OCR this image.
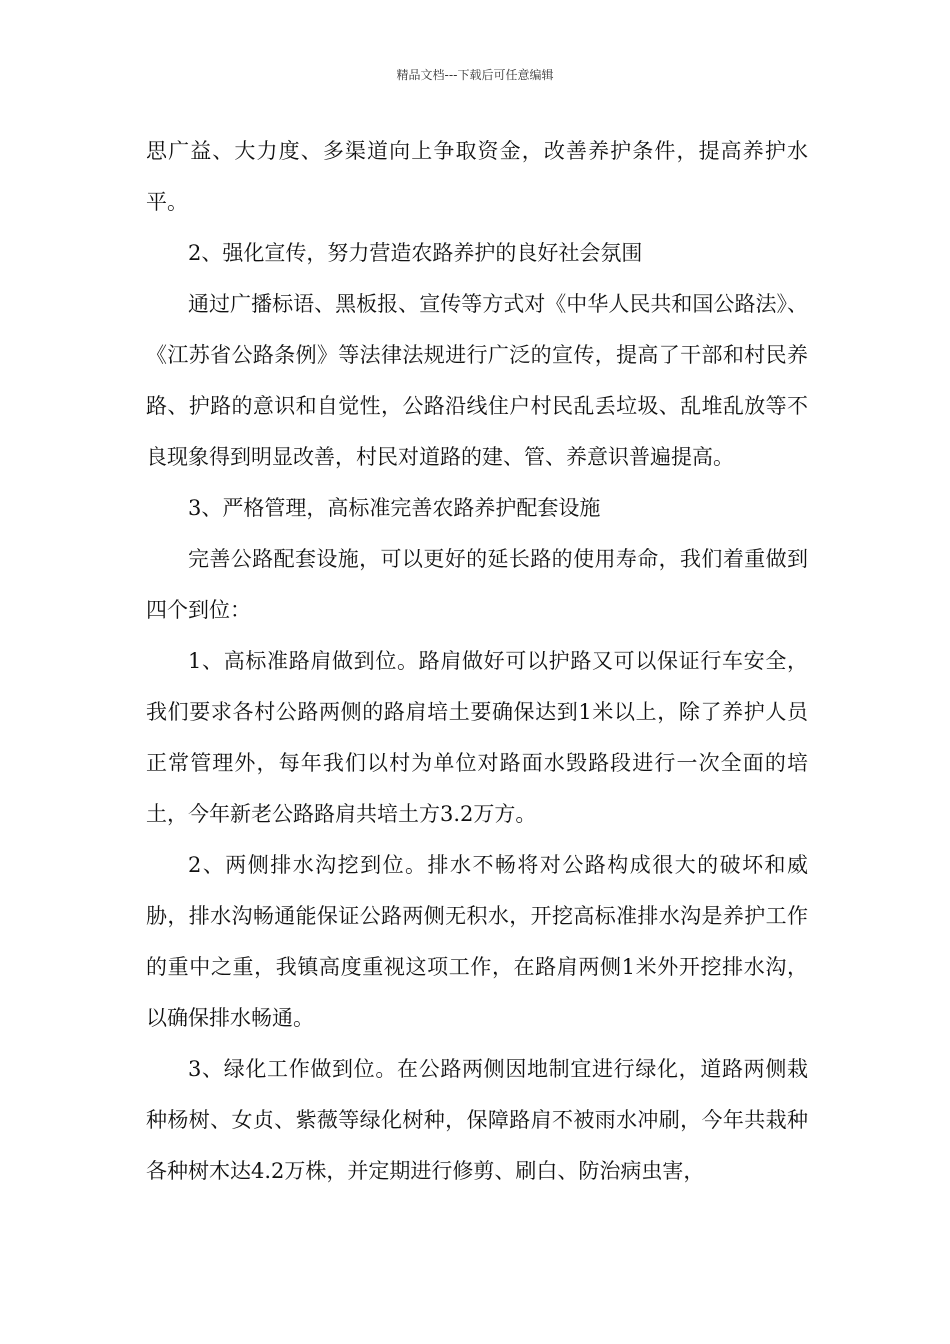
精品文档---下载后可任意编辑

思广益、大力度、多渠道向上争取资金，改善养护条件，提高养护水平。

2、强化宣传，努力营造农路养护的良好社会氛围

通过广播标语、黑板报、宣传等方式对《中华人民共和国公路法》、《江苏省公路条例》等法律法规进行广泛的宣传，提高了干部和村民养路、护路的意识和自觉性，公路沿线住户村民乱丢垃圾、乱堆乱放等不良现象得到明显改善，村民对道路的建、管、养意识普遍提高。

3、严格管理，高标准完善农路养护配套设施

完善公路配套设施，可以更好的延长路的使用寿命，我们着重做到四个到位：

1、高标准路肩做到位。路肩做好可以护路又可以保证行车安全，我们要求各村公路两侧的路肩培土要确保达到1米以上，除了养护人员正常管理外，每年我们以村为单位对路面水毁路段进行一次全面的培土，今年新老公路路肩共培土方3.2万方。

2、两侧排水沟挖到位。排水不畅将对公路构成很大的破坏和威胁，排水沟畅通能保证公路两侧无积水，开挖高标准排水沟是养护工作的重中之重，我镇高度重视这项工作，在路肩两侧1米外开挖排水沟，以确保排水畅通。

3、绿化工作做到位。在公路两侧因地制宜进行绿化，道路两侧栽种杨树、女贞、紫薇等绿化树种，保障路肩不被雨水冲刷，今年共栽种各种树木达4.2万株，并定期进行修剪、刷白、防治病虫害，
